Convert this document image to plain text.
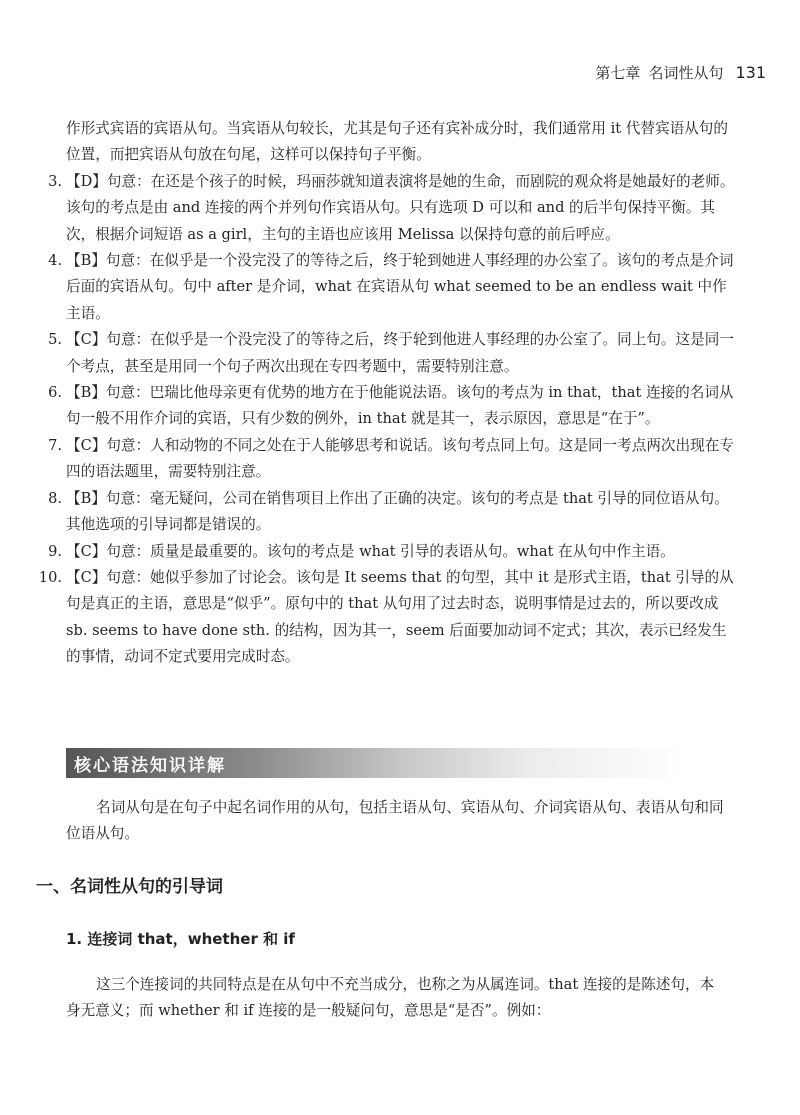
第七章 名词性从句 131

作形式宾语的宾语从句。当宾语从句较长，尤其是句子还有宾补成分时，我们通常用 it 代替宾语从句的位置，而把宾语从句放在句尾，这样可以保持句子平衡。

3. 【D】句意：在还是个孩子的时候，玛丽莎就知道表演将是她的生命，而剧院的观众将是她最好的老师。该句的考点是由 and 连接的两个并列句作宾语从句。只有选项 D 可以和 and 的后半句保持平衡。其次，根据介词短语 as a girl，主句的主语也应该用 Melissa 以保持句意的前后呼应。
4. 【B】句意：在似乎是一个没完没了的等待之后，终于轮到她进人事经理的办公室了。该句的考点是介词后面的宾语从句。句中 after 是介词，what 在宾语从句 what seemed to be an endless wait 中作主语。
5. 【C】句意：在似乎是一个没完没了的等待之后，终于轮到他进人事经理的办公室了。同上句。这是同一个考点，甚至是用同一个句子两次出现在专四考题中，需要特别注意。
6. 【B】句意：巴瑞比他母亲更有优势的地方在于他能说法语。该句的考点为 in that，that 连接的名词从句一般不用作介词的宾语，只有少数的例外，in that 就是其一，表示原因，意思是“在于”。
7. 【C】句意：人和动物的不同之处在于人能够思考和说话。该句考点同上句。这是同一考点两次出现在专四的语法题里，需要特别注意。
8. 【B】句意：毫无疑问，公司在销售项目上作出了正确的决定。该句的考点是 that 引导的同位语从句。其他选项的引导词都是错误的。
9. 【C】句意：质量是最重要的。该句的考点是 what 引导的表语从句。what 在从句中作主语。
10. 【C】句意：她似乎参加了讨论会。该句是 It seems that 的句型，其中 it 是形式主语，that 引导的从句是真正的主语，意思是“似乎”。原句中的 that 从句用了过去时态，说明事情是过去的，所以要改成 sb. seems to have done sth. 的结构，因为其一，seem 后面要加动词不定式；其次，表示已经发生的事情，动词不定式要用完成时态。
核心语法知识详解

名词从句是在句子中起名词作用的从句，包括主语从句、宾语从句、介词宾语从句、表语从句和同位语从句。

一、名词性从句的引导词
1. 连接词 that，whether 和 if

这三个连接词的共同特点是在从句中不充当成分，也称之为从属连词。that 连接的是陈述句，本身无意义；而 whether 和 if 连接的是一般疑问句，意思是“是否”。例如：
